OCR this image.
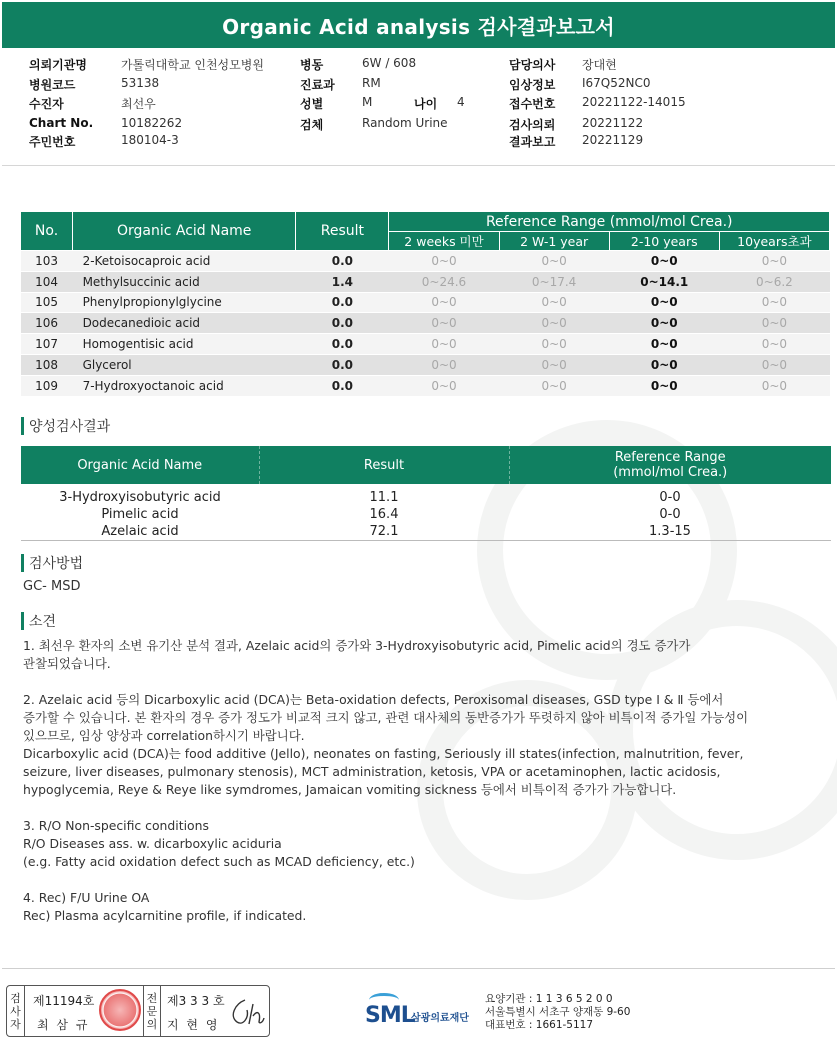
Organic Acid analysis 검사결과보고서
의뢰기관명	가톨릭대학교 인천성모병원	병동	6W / 608	담당의사 장대현
병원코드	53138	진료과 RM	임상정보 I67Q52NC0
수진자	최선우	성별	M	나이 4	접수번호 20221122-14015
Chart No. 10182262	검체	Random Urine	검사의뢰 20221122
주민번호	180104-3	결과보고 20221129
No.	Organic Acid Name	Result	Reference Range (mmol/mol Crea.)			
			2 weeks 미만	2 W-1 year	2-10 years	10years초과
103	2-Ketoisocaproic acid	0.0	0~0	0~0	0~0	0~0
104	Methylsuccinic acid	1.4	0~24.6	0~17.4	0~14.1	0~6.2
105	Phenylpropionylglycine	0.0	0~0	0~0	0~0	0~0
106	Dodecanedioic acid	0.0	0~0	0~0	0~0	0~0
107	Homogentisic acid	0.0	0~0	0~0	0~0	0~0
108	Glycerol	0.0	0~0	0~0	0~0	0~0
109	7-Hydroxyoctanoic acid	0.0	0~0	0~0	0~0	0~0
양성검사결과
Organic Acid Name	Result	Reference Range
(mmol/mol Crea.)
3-Hydroxyisobutyric acid	11.1	0-0
Pimelic acid	16.4	0-0
Azelaic acid	72.1	1.3-15
검사방법
GC- MSD
소견
1. 최선우 환자의 소변 유기산 분석 결과, Azelaic acid의 증가와 3-Hydroxyisobutyric acid, Pimelic acid의 경도 증가가
관찰되었습니다.
2. Azelaic acid 등의 Dicarboxylic acid (DCA)는 Beta-oxidation defects, Peroxisomal diseases, GSD type Ⅰ & Ⅱ 등에서
증가할 수 있습니다. 본 환자의 경우 증가 정도가 비교적 크지 않고, 관련 대사체의 동반증가가 뚜렷하지 않아 비특이적 증가일 가능성이
있으므로, 임상 양상과 correlation하시기 바랍니다.
Dicarboxylic acid (DCA)는 food additive (Jello), neonates on fasting, Seriously ill states(infection, malnutrition, fever,
seizure, liver diseases, pulmonary stenosis), MCT administration, ketosis, VPA or acetaminophen, lactic acidosis,
hypoglycemia, Reye & Reye like symdromes, Jamaican vomiting sickness 등에서 비특이적 증가가 가능합니다.
3. R/O Non-specific conditions
R/O Diseases ass. w. dicarboxylic aciduria
(e.g. Fatty acid oxidation defect such as MCAD deficiency, etc.)
4. Rec) F/U Urine OA
Rec) Plasma acylcarnitine profile, if indicated.
검사자
제11194호
최 삼 규
전문의
제3 3 3 호
지 현 영	SML
삼광의료재단
요양기관 : 1 1 3 6 5 2 0 0
서울특별시 서초구 양재동 9-60
대표번호 : 1661-5117
